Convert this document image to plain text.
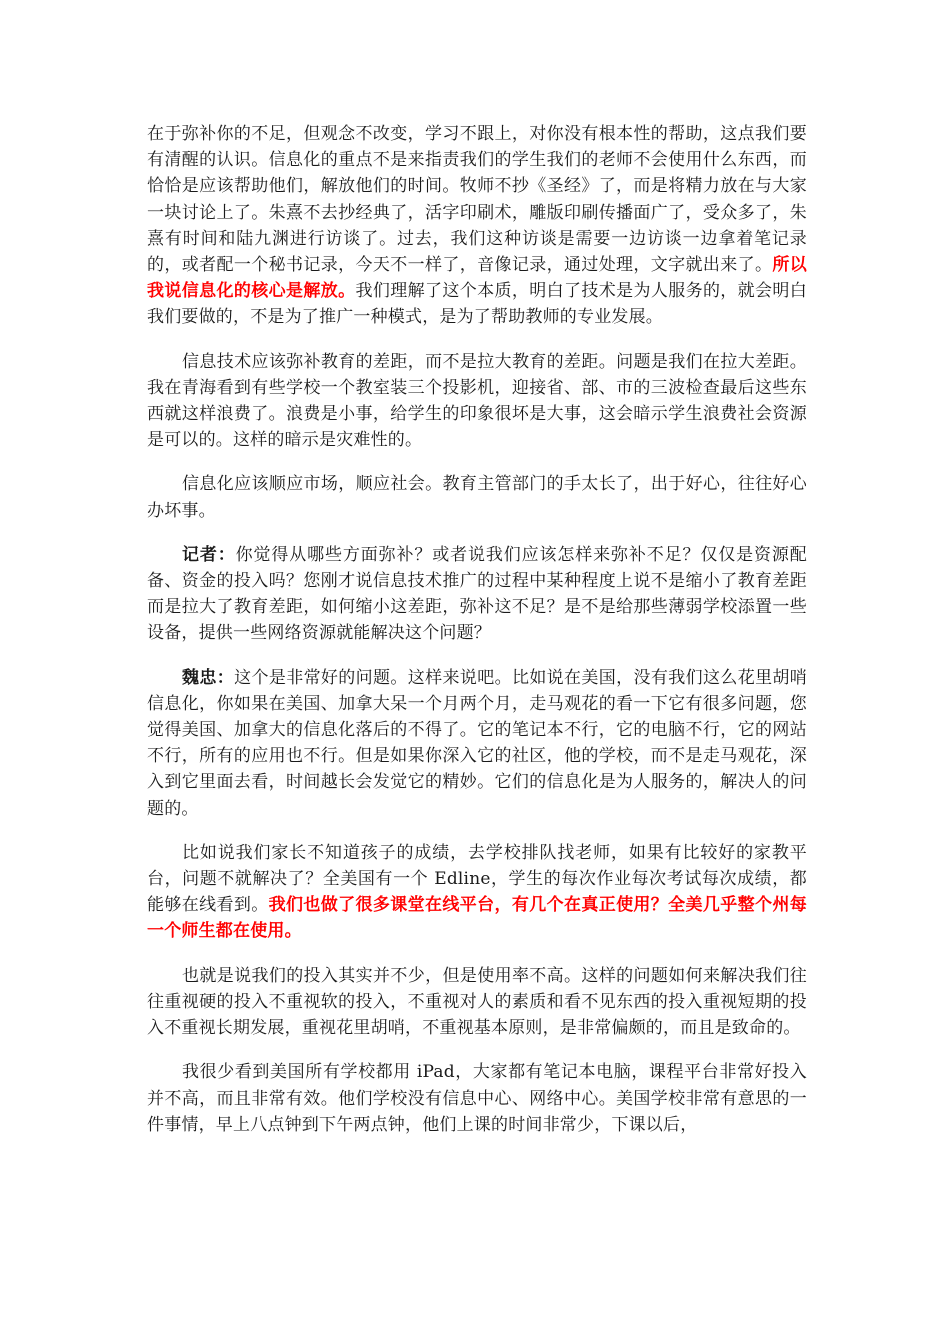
在于弥补你的不足，但观念不改变，学习不跟上，对你没有根本性的帮助，这点我们要有清醒的认识。信息化的重点不是来指责我们的学生我们的老师不会使用什么东西，而恰恰是应该帮助他们，解放他们的时间。牧师不抄《圣经》了，而是将精力放在与大家一块讨论上了。朱熹不去抄经典了，活字印刷术，雕版印刷传播面广了，受众多了，朱熹有时间和陆九渊进行访谈了。过去，我们这种访谈是需要一边访谈一边拿着笔记录的，或者配一个秘书记录，今天不一样了，音像记录，通过处理，文字就出来了。所以我说信息化的核心是解放。我们理解了这个本质，明白了技术是为人服务的，就会明白我们要做的，不是为了推广一种模式，是为了帮助教师的专业发展。

信息技术应该弥补教育的差距，而不是拉大教育的差距。问题是我们在拉大差距。我在青海看到有些学校一个教室装三个投影机，迎接省、部、市的三波检查最后这些东西就这样浪费了。浪费是小事，给学生的印象很坏是大事，这会暗示学生浪费社会资源是可以的。这样的暗示是灾难性的。

信息化应该顺应市场，顺应社会。教育主管部门的手太长了，出于好心，往往好心办坏事。

记者：你觉得从哪些方面弥补？或者说我们应该怎样来弥补不足？仅仅是资源配备、资金的投入吗？您刚才说信息技术推广的过程中某种程度上说不是缩小了教育差距而是拉大了教育差距，如何缩小这差距，弥补这不足？是不是给那些薄弱学校添置一些设备，提供一些网络资源就能解决这个问题？

魏忠：这个是非常好的问题。这样来说吧。比如说在美国，没有我们这么花里胡哨信息化，你如果在美国、加拿大呆一个月两个月，走马观花的看一下它有很多问题，您觉得美国、加拿大的信息化落后的不得了。它的笔记本不行，它的电脑不行，它的网站不行，所有的应用也不行。但是如果你深入它的社区，他的学校，而不是走马观花，深入到它里面去看，时间越长会发觉它的精妙。它们的信息化是为人服务的，解决人的问题的。

比如说我们家长不知道孩子的成绩，去学校排队找老师，如果有比较好的家教平台，问题不就解决了？全美国有一个 Edline，学生的每次作业每次考试每次成绩，都能够在线看到。我们也做了很多课堂在线平台，有几个在真正使用？全美几乎整个州每一个师生都在使用。

也就是说我们的投入其实并不少，但是使用率不高。这样的问题如何来解决我们往往重视硬的投入不重视软的投入，不重视对人的素质和看不见东西的投入重视短期的投入不重视长期发展，重视花里胡哨，不重视基本原则，是非常偏颇的，而且是致命的。

我很少看到美国所有学校都用 iPad，大家都有笔记本电脑，课程平台非常好投入并不高，而且非常有效。他们学校没有信息中心、网络中心。美国学校非常有意思的一件事情，早上八点钟到下午两点钟，他们上课的时间非常少，下课以后，
